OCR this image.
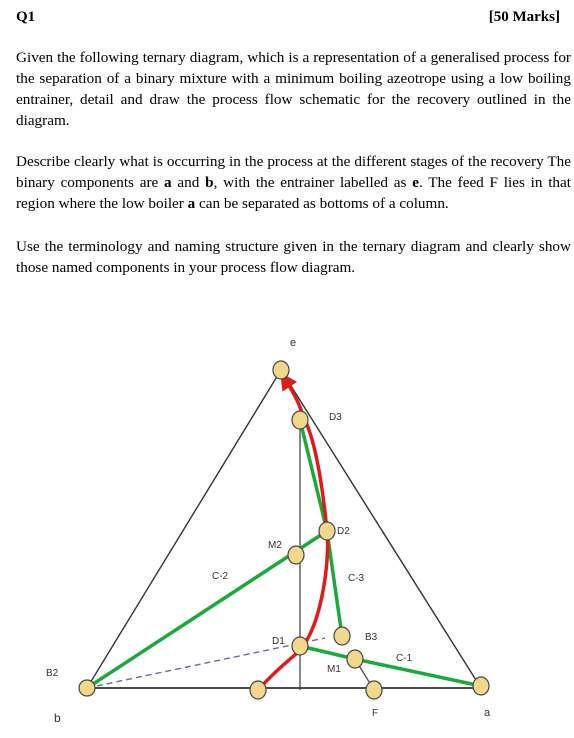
Q1	[50 Marks]
Given the following ternary diagram, which is a representation of a generalised process for the separation of a binary mixture with a minimum boiling azeotrope using a low boiling entrainer, detail and draw the process flow schematic for the recovery outlined in the diagram.
Describe clearly what is occurring in the process at the different stages of the recovery The binary components are a and b, with the entrainer labelled as e. The feed F lies in that region where the low boiler a can be separated as bottoms of a column.
Use the terminology and naming structure given in the ternary diagram and clearly show those named components in your process flow diagram.
e
D3
D2
M2
C-2	C-3
D1	B3
C-1
M1
B2
b	F	a
